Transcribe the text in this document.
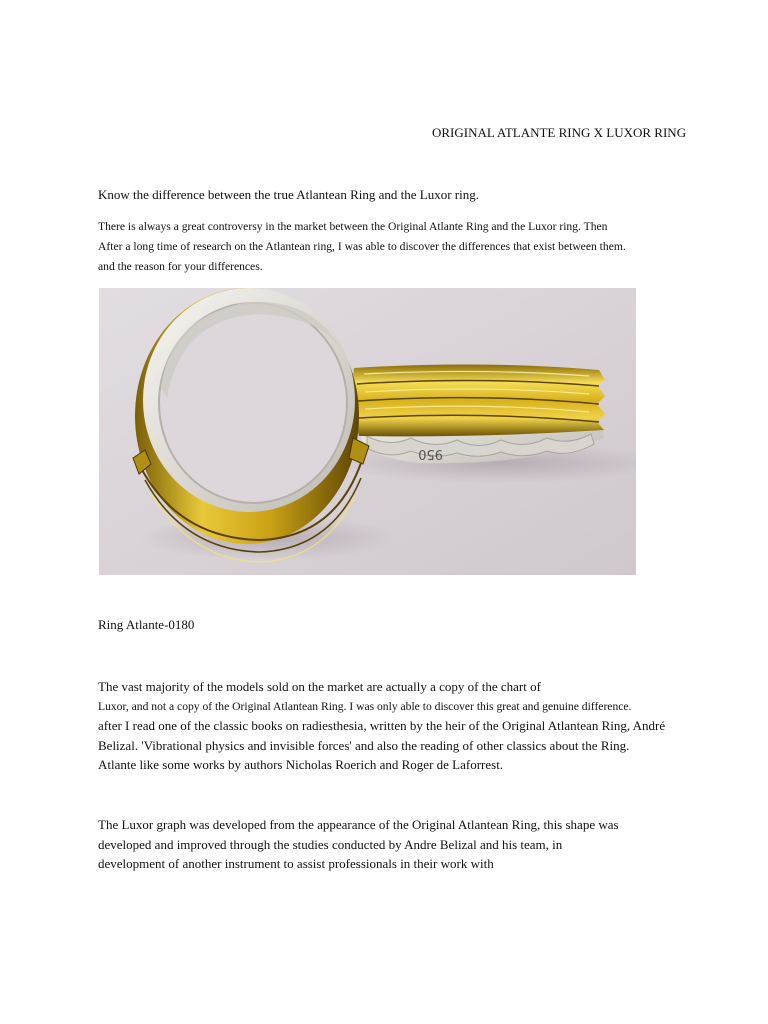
ORIGINAL ATLANTE RING X LUXOR RING
Know the difference between the true Atlantean Ring and the Luxor ring.
There is always a great controversy in the market between the Original Atlante Ring and the Luxor ring. Then
After a long time of research on the Atlantean ring, I was able to discover the differences that exist between them.
and the reason for your differences.
950
Ring Atlante-0180
The vast majority of the models sold on the market are actually a copy of the chart of
Luxor, and not a copy of the Original Atlantean Ring. I was only able to discover this great and genuine difference.
after I read one of the classic books on radiesthesia, written by the heir of the Original Atlantean Ring, André
Belizal. 'Vibrational physics and invisible forces' and also the reading of other classics about the Ring.
Atlante like some works by authors Nicholas Roerich and Roger de Laforrest.
The Luxor graph was developed from the appearance of the Original Atlantean Ring, this shape was
developed and improved through the studies conducted by Andre Belizal and his team, in
development of another instrument to assist professionals in their work with
